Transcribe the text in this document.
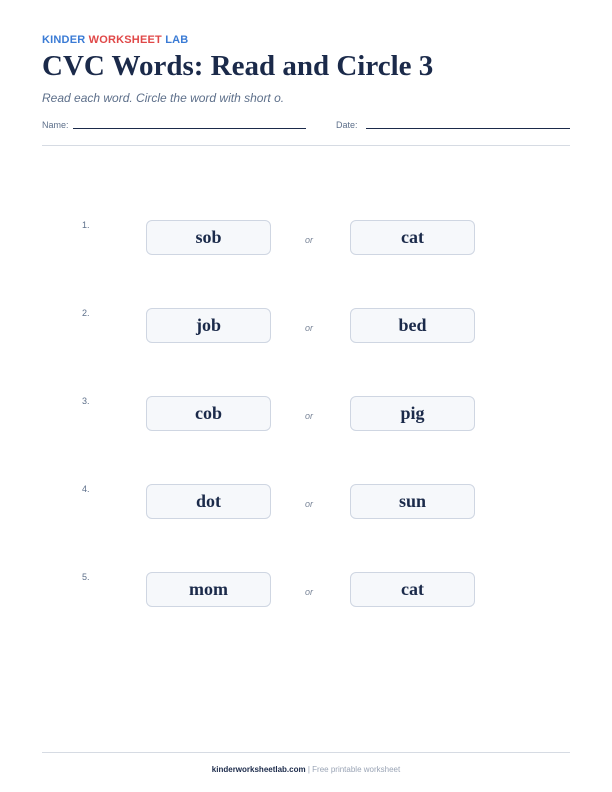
KINDER WORKSHEET LAB
CVC Words: Read and Circle 3
Read each word. Circle the word with short o.
Name:	Date:
1.
sob	or	cat
2.
job	or	bed
3.
cob	or	pig
4.
dot	or	sun
5.
mom	or	cat
kinderworksheetlab.com | Free printable worksheet
